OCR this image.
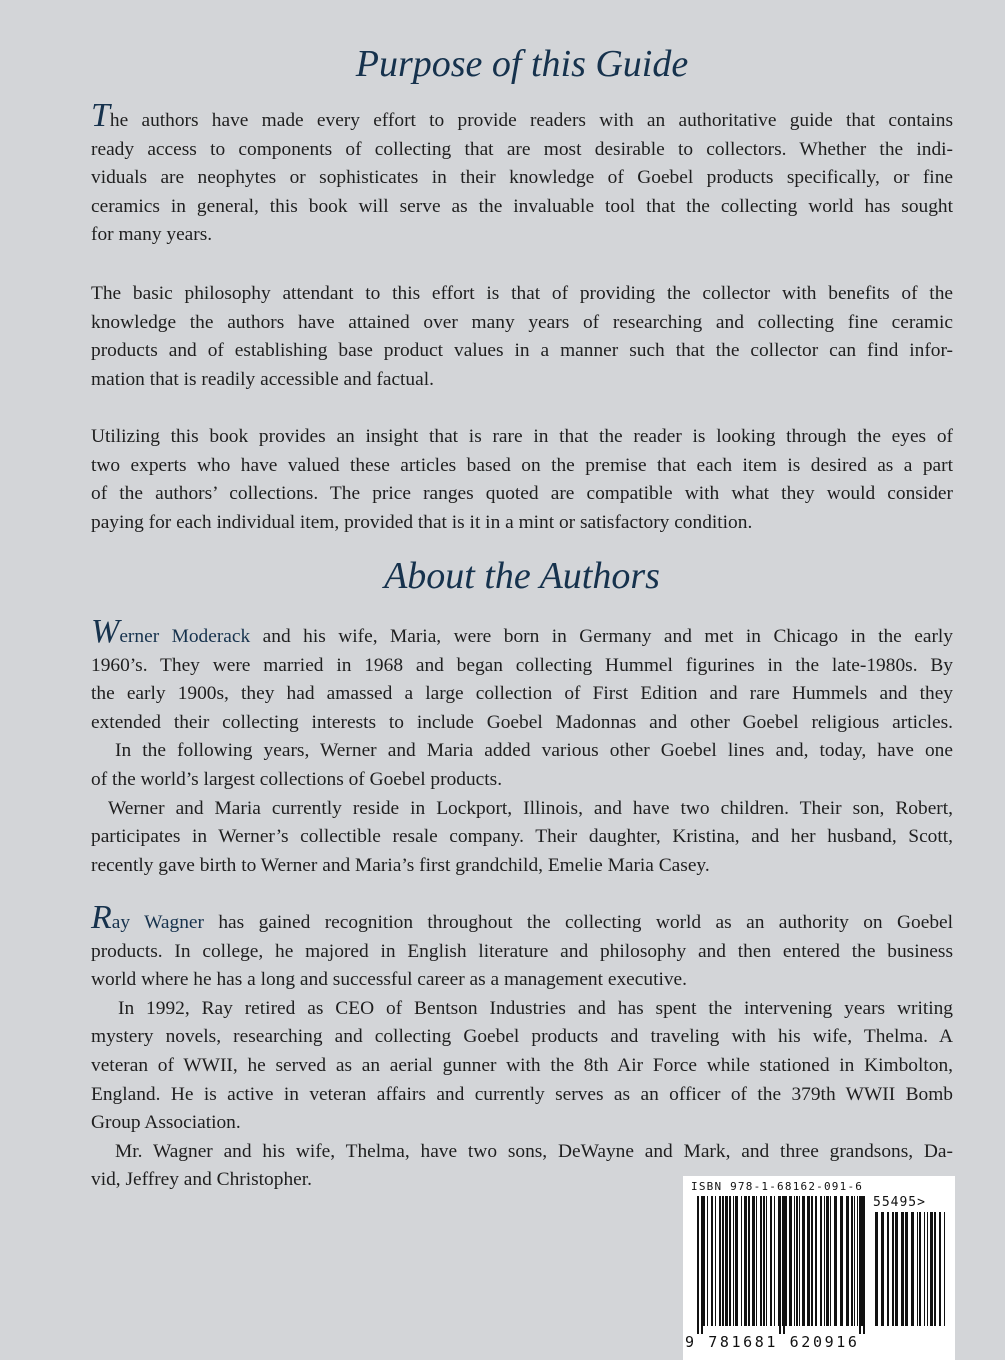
Purpose of this Guide

The authors have made every effort to provide readers with an authoritative guide that contains
ready access to components of collecting that are most desirable to collectors. Whether the indi-
viduals are neophytes or sophisticates in their knowledge of Goebel products specifically, or fine
ceramics in general, this book will serve as the invaluable tool that the collecting world has sought
for many years.

The basic philosophy attendant to this effort is that of providing the collector with benefits of the
knowledge the authors have attained over many years of researching and collecting fine ceramic
products and of establishing base product values in a manner such that the collector can find infor-
mation that is readily accessible and factual.

Utilizing this book provides an insight that is rare in that the reader is looking through the eyes of
two experts who have valued these articles based on the premise that each item is desired as a part
of the authors’ collections. The price ranges quoted are compatible with what they would consider
paying for each individual item, provided that is it in a mint or satisfactory condition.

About the Authors

Werner Moderack and his wife, Maria, were born in Germany and met in Chicago in the early
1960’s. They were married in 1968 and began collecting Hummel figurines in the late-1980s. By
the early 1900s, they had amassed a large collection of First Edition and rare Hummels and they
extended their collecting interests to include Goebel Madonnas and other Goebel religious articles.
In the following years, Werner and Maria added various other Goebel lines and, today, have one
of the world’s largest collections of Goebel products.
Werner and Maria currently reside in Lockport, Illinois, and have two children. Their son, Robert,
participates in Werner’s collectible resale company. Their daughter, Kristina, and her husband, Scott,
recently gave birth to Werner and Maria’s first grandchild, Emelie Maria Casey.

Ray Wagner has gained recognition throughout the collecting world as an authority on Goebel
products. In college, he majored in English literature and philosophy and then entered the business
world where he has a long and successful career as a management executive.
In 1992, Ray retired as CEO of Bentson Industries and has spent the intervening years writing
mystery novels, researching and collecting Goebel products and traveling with his wife, Thelma. A
veteran of WWII, he served as an aerial gunner with the 8th Air Force while stationed in Kimbolton,
England. He is active in veteran affairs and currently serves as an officer of the 379th WWII Bomb
Group Association.
Mr. Wagner and his wife, Thelma, have two sons, DeWayne and Mark, and three grandsons, Da-
vid, Jeffrey and Christopher.	ISBN 978-1-68162-091-6
55495>
9 781681 620916
